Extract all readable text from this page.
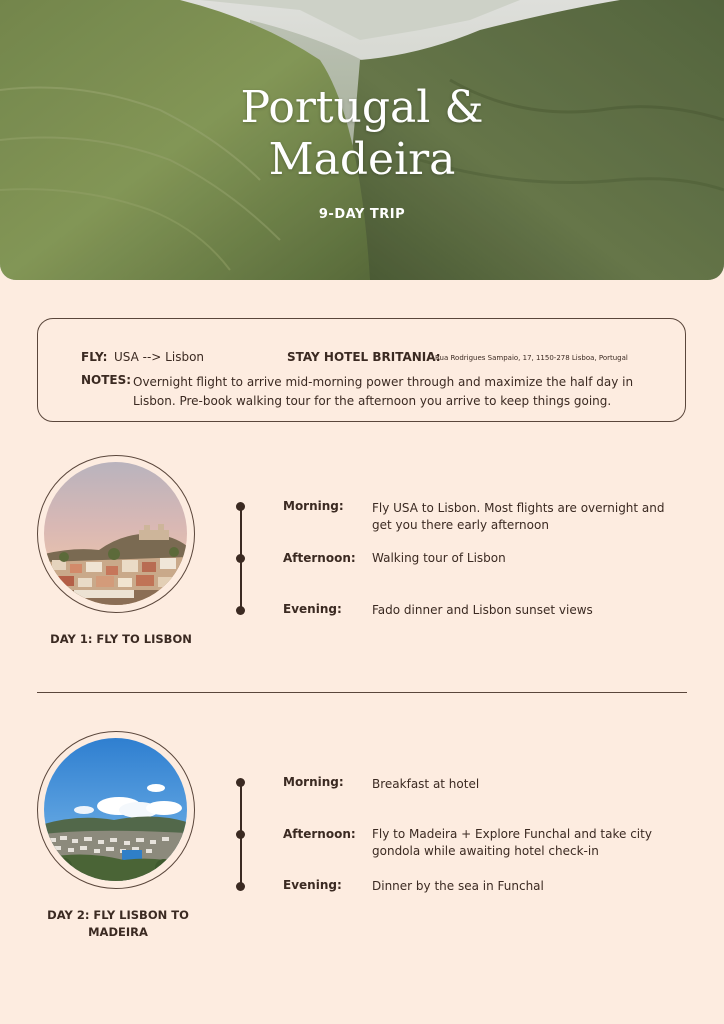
Portugal &
Madeira
9-DAY TRIP
FLY: USA --> Lisbon	STAY HOTEL BRITANIA:
Rua Rodrigues Sampaio, 17, 1150-278 Lisboa, Portugal
NOTES: Overnight flight to arrive mid-morning power through and maximize the half day in Lisbon. Pre-book walking tour for the afternoon you arrive to keep things going.
DAY 1: FLY TO LISBON
Morning: Fly USA to Lisbon. Most flights are overnight and get you there early afternoon
Afternoon: Walking tour of Lisbon
Evening:	Fado dinner and Lisbon sunset views
DAY 2: FLY LISBON TO MADEIRA
Morning: Breakfast at hotel
Afternoon: Fly to Madeira + Explore Funchal and take city gondola while awaiting hotel check-in
Evening:	Dinner by the sea in Funchal
